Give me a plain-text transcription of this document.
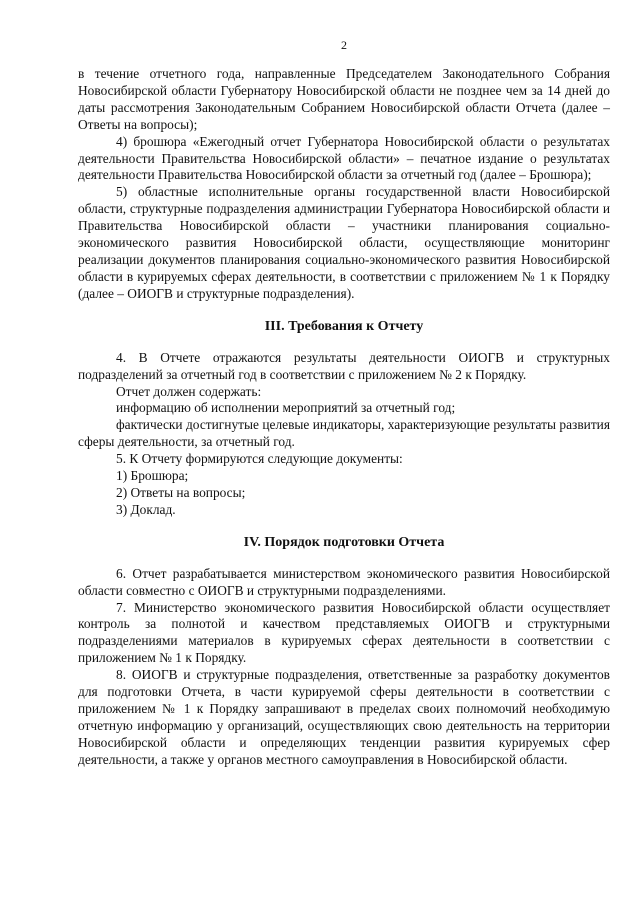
2

в течение отчетного года, направленные Председателем Законодательного Собрания Новосибирской области Губернатору Новосибирской области не позднее чем за 14 дней до даты рассмотрения Законодательным Собранием Новосибирской области Отчета (далее – Ответы на вопросы);

4) брошюра «Ежегодный отчет Губернатора Новосибирской области о результатах деятельности Правительства Новосибирской области» – печатное издание о результатах деятельности Правительства Новосибирской области за отчетный год (далее – Брошюра);

5) областные исполнительные органы государственной власти Новосибирской области, структурные подразделения администрации Губернатора Новосибирской области и Правительства Новосибирской области – участники планирования социально-экономического развития Новосибирской области, осуществляющие мониторинг реализации документов планирования социально-экономического развития Новосибирской области в курируемых сферах деятельности, в соответствии с приложением № 1 к Порядку (далее – ОИОГВ и структурные подразделения).

III. Требования к Отчету

4. В Отчете отражаются результаты деятельности ОИОГВ и структурных подразделений за отчетный год в соответствии с приложением № 2 к Порядку.

Отчет должен содержать:

информацию об исполнении мероприятий за отчетный год;

фактически достигнутые целевые индикаторы, характеризующие результаты развития сферы деятельности, за отчетный год.

5. К Отчету формируются следующие документы:

1) Брошюра;

2) Ответы на вопросы;

3) Доклад.

IV. Порядок подготовки Отчета

6. Отчет разрабатывается министерством экономического развития Новосибирской области совместно с ОИОГВ и структурными подразделениями.

7. Министерство экономического развития Новосибирской области осуществляет контроль за полнотой и качеством представляемых ОИОГВ и структурными подразделениями материалов в курируемых сферах деятельности в соответствии с приложением № 1 к Порядку.

8. ОИОГВ и структурные подразделения, ответственные за разработку документов для подготовки Отчета, в части курируемой сферы деятельности в соответствии с приложением № 1 к Порядку запрашивают в пределах своих полномочий необходимую отчетную информацию у организаций, осуществляющих свою деятельность на территории Новосибирской области и определяющих тенденции развития курируемых сфер деятельности, а также у органов местного самоуправления в Новосибирской области.
